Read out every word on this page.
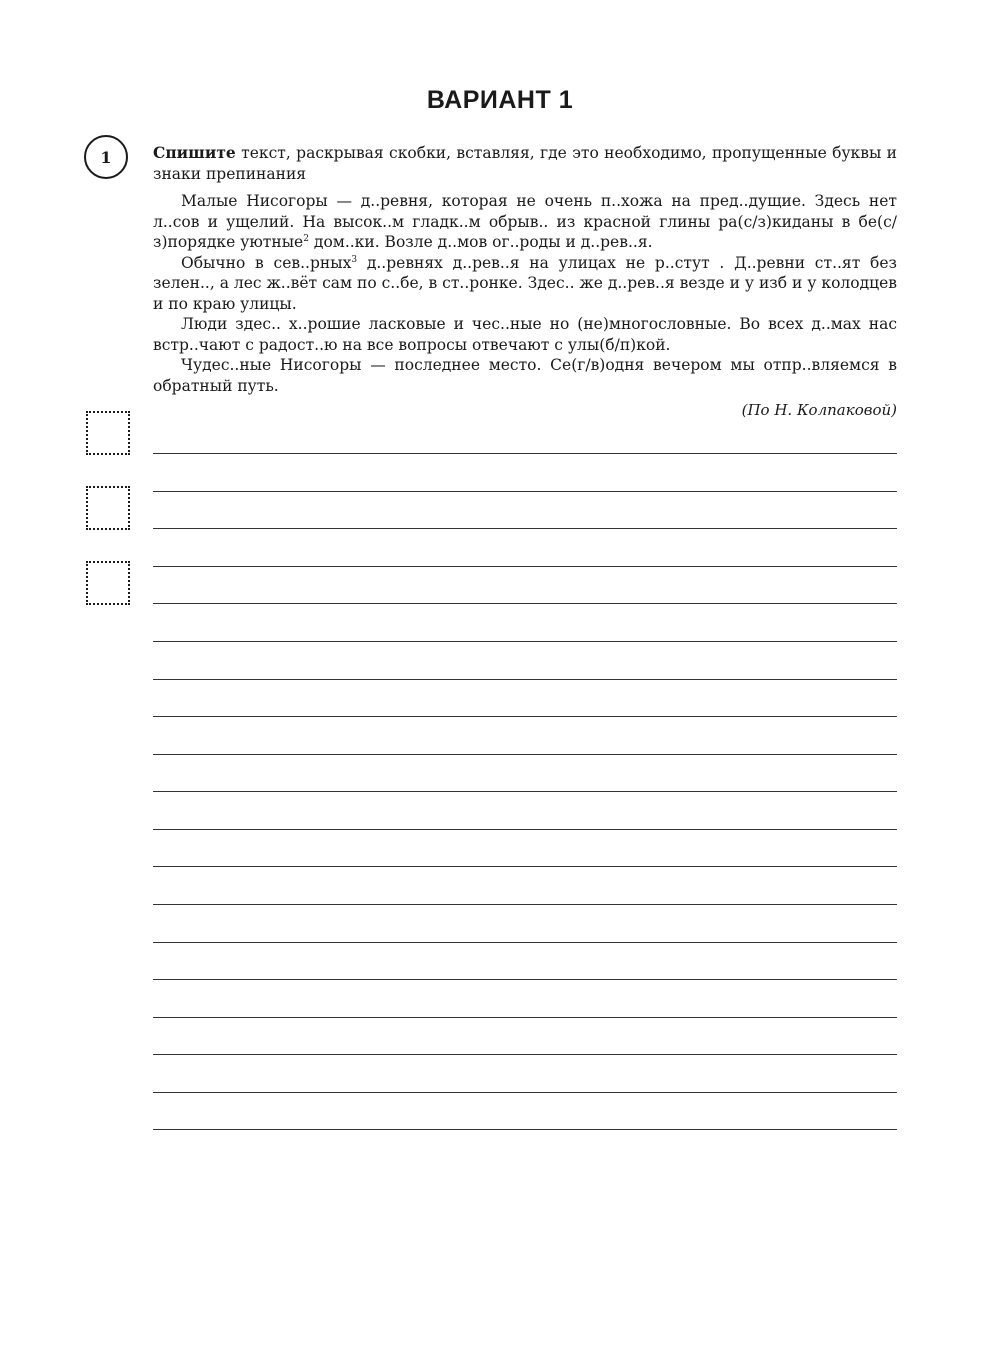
ВАРИАНТ 1
1	Спишите текст, раскрывая скобки, вставляя, где это необходимо, пропущенные буквы и знаки препинания

Малые Нисогоры — д..ревня, которая не очень п..хожа на пред..дущие. Здесь нет л..сов и ущелий. На высок..м гладк..м обрыв.. из красной глины ра(с/з)киданы в бе(с/з)порядке уютные$^2$ дом..ки. Возле д..мов ог..роды и д..рев..я.

Обычно в сев..рных$^3$ д..ревнях д..рев..я на улицах не р..стут . Д..ревни ст..ят без зелен.., а лес ж..вёт сам по с..бе, в ст..ронке. Здес.. же д..рев..я везде и у изб и у колодцев и по краю улицы.

Люди здес.. х..рошие ласковые и чес..ные но (не)многословные. Во всех д..мах нас встр..чают с радост..ю на все вопросы отвечают с улы(б/п)кой.

Чудес..ные Нисогоры — последнее место. Се(г/в)одня вечером мы отпр..вляемся в обратный путь.

(По Н. Колпаковой)
